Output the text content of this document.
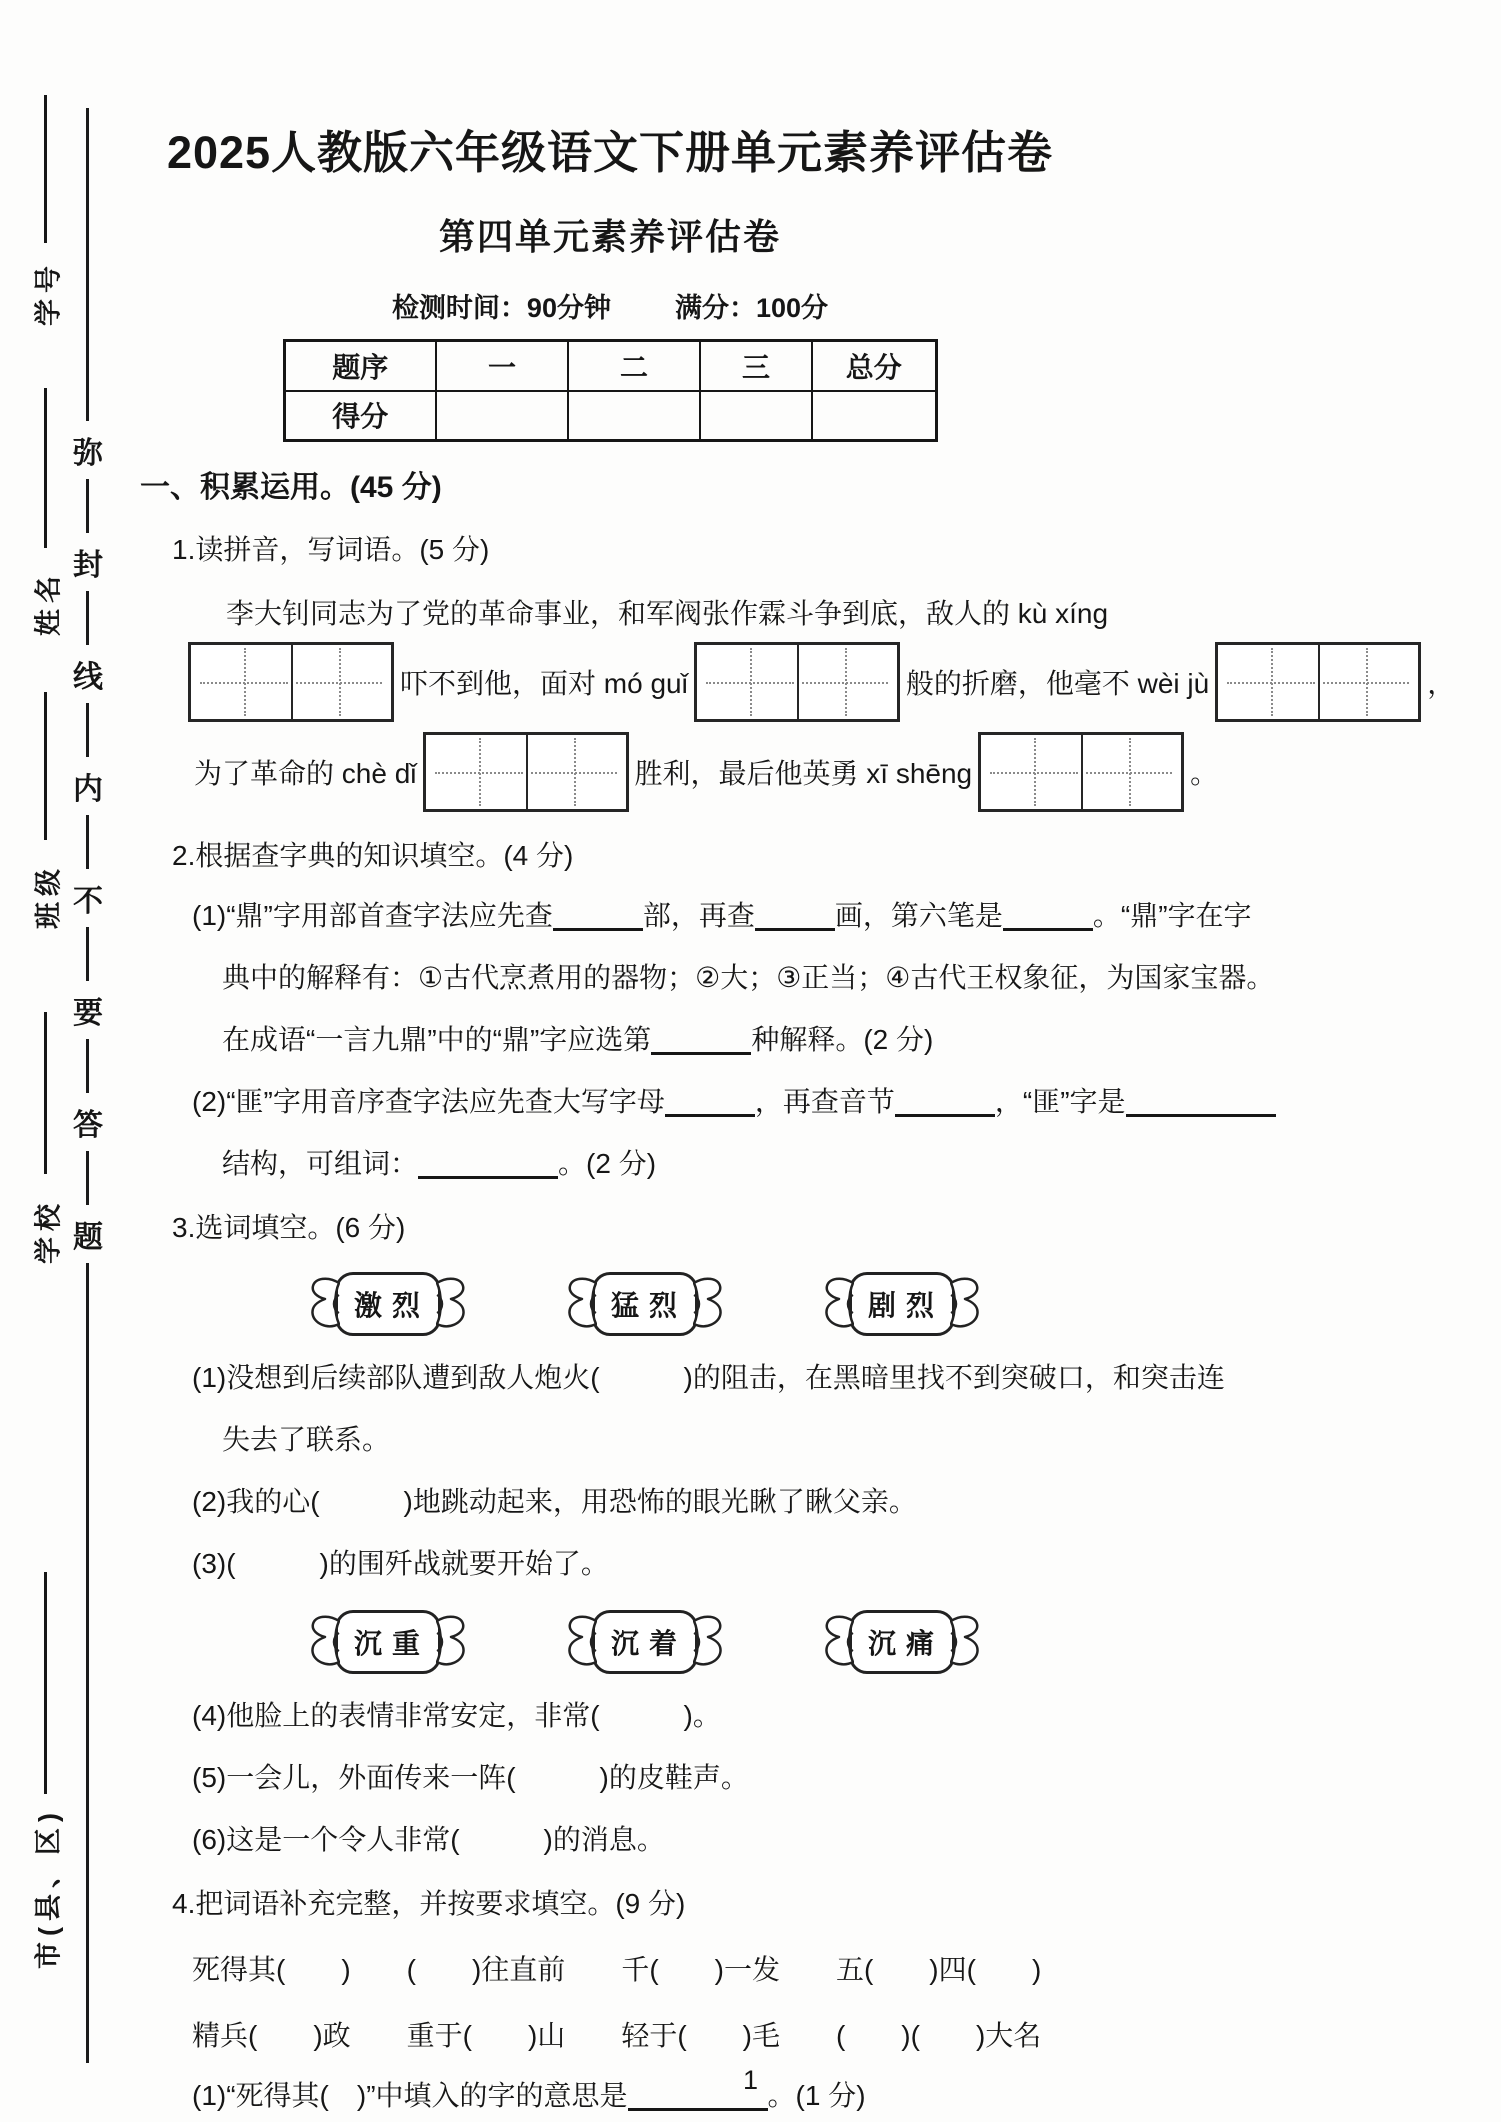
学号
姓名
班级
学校
市(县、区)
弥
封
线
内
不
要
答
题
2025人教版六年级语文下册单元素养评估卷
第四单元素养评估卷
检测时间：90分钟 满分：100分
题序	一	二	三	总分
得分				
一、积累运用。(45 分)
1.读拼音，写词语。(5 分)
李大钊同志为了党的革命事业，和军阀张作霖斗争到底，敌人的 kù xíng
吓不到他，面对 mó guǐ	般的折磨，他毫不 wèi jù	，
为了革命的 chè dǐ	胜利，最后他英勇 xī shēng	。
2.根据查字典的知识填空。(4 分)
(1)“鼎”字用部首查字法应先查	部，再查	画，第六笔是	。“鼎”字在字
典中的解释有：①古代烹煮用的器物；②大；③正当；④古代王权象征，为国家宝器。
在成语“一言九鼎”中的“鼎”字应选第	种解释。(2 分)
(2)“匪”字用音序查字法应先查大写字母	，再查音节	，“匪”字是
结构，可组词：	。(2 分)
3.选词填空。(6 分)
激烈	猛烈	剧烈
(1)没想到后续部队遭到敌人炮火(　　　)的阻击，在黑暗里找不到突破口，和突击连
失去了联系。
(2)我的心(　　　)地跳动起来，用恐怖的眼光瞅了瞅父亲。
(3)(　　　)的围歼战就要开始了。
沉重	沉着	沉痛
(4)他脸上的表情非常安定，非常(　　　)。
(5)一会儿，外面传来一阵(　　　)的皮鞋声。
(6)这是一个令人非常(　　　)的消息。
4.把词语补充完整，并按要求填空。(9 分)
死得其(　　) (　　)往直前 千(　　)一发 五(　　)四(　　)
精兵(　　)政 重于(　　)山 轻于(　　)毛 (　　)(　　)大名
(1)“死得其(　)”中填入的字的意思是	。(1 分)
1
